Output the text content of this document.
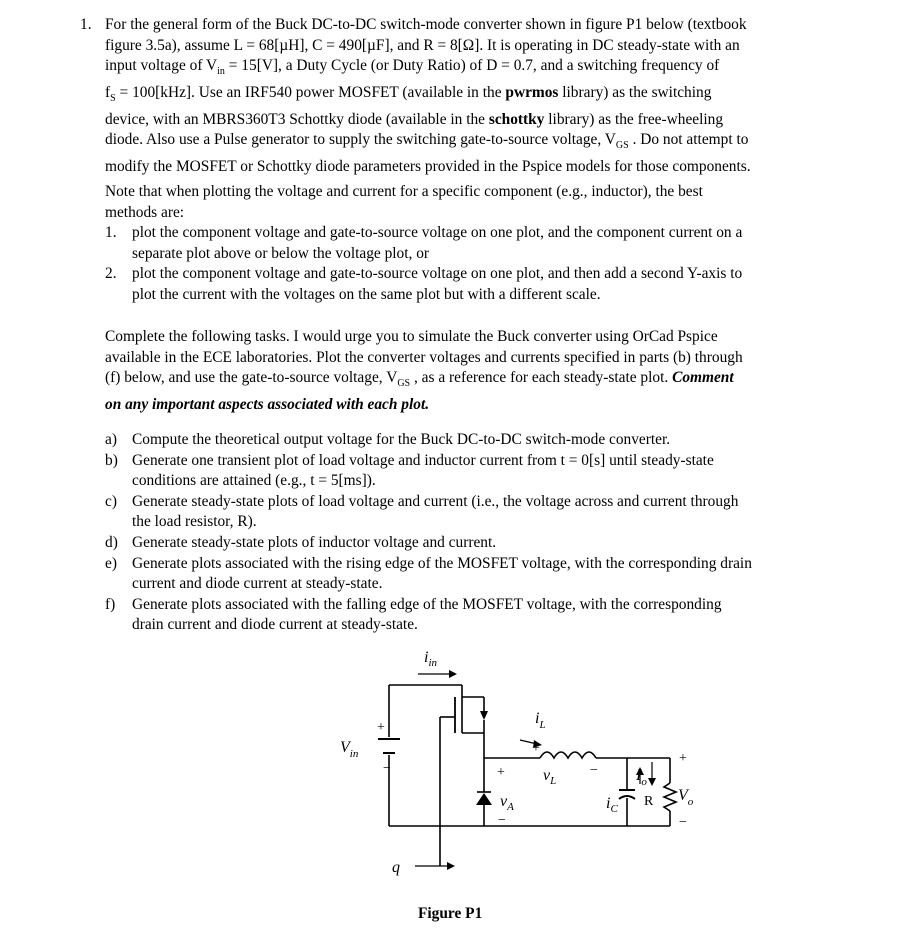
1. For the general form of the Buck DC-to-DC switch-mode converter shown in figure P1 below (textbook
figure 3.5a), assume L = 68[µH], C = 490[µF], and R = 8[Ω]. It is operating in DC steady-state with an
input voltage of $V_{in} = 15[V]$, a Duty Cycle (or Duty Ratio) of D = 0.7, and a switching frequency of
$f_S = 100[kHz]$. Use an IRF540 power MOSFET (available in the pwrmos library) as the switching
device, with an MBRS360T3 Schottky diode (available in the schottky library) as the free-wheeling
diode. Also use a Pulse generator to supply the switching gate-to-source voltage, $V_{GS}$ . Do not attempt to
modify the MOSFET or Schottky diode parameters provided in the Pspice models for those components.
Note that when plotting the voltage and current for a specific component (e.g., inductor), the best
methods are:
1. plot the component voltage and gate-to-source voltage on one plot, and the component current on a
separate plot above or below the voltage plot, or
2. plot the component voltage and gate-to-source voltage on one plot, and then add a second Y-axis to
plot the current with the voltages on the same plot but with a different scale.
Complete the following tasks. I would urge you to simulate the Buck converter using OrCad Pspice
available in the ECE laboratories. Plot the converter voltages and currents specified in parts (b) through
(f) below, and use the gate-to-source voltage, $V_{GS}$ , as a reference for each steady-state plot. Comment
on any important aspects associated with each plot.
a) Compute the theoretical output voltage for the Buck DC-to-DC switch-mode converter.
b) Generate one transient plot of load voltage and inductor current from t = 0[s] until steady-state
conditions are attained (e.g., t = 5[ms]).
c) Generate steady-state plots of load voltage and current (i.e., the voltage across and current through
the load resistor, R).
d) Generate steady-state plots of inductor voltage and current.
e) Generate plots associated with the rising edge of the MOSFET voltage, with the corresponding drain
current and diode current at steady-state.
f) Generate plots associated with the falling edge of the MOSFET voltage, with the corresponding
drain current and diode current at steady-state.
$i_{in}$
$V_{in}$
$i_L$
$v_L$
$v_A$
$I_o$
$V_o$
$i_C$
q
R
+
−	+
−
+
−
+
−
Figure P1
